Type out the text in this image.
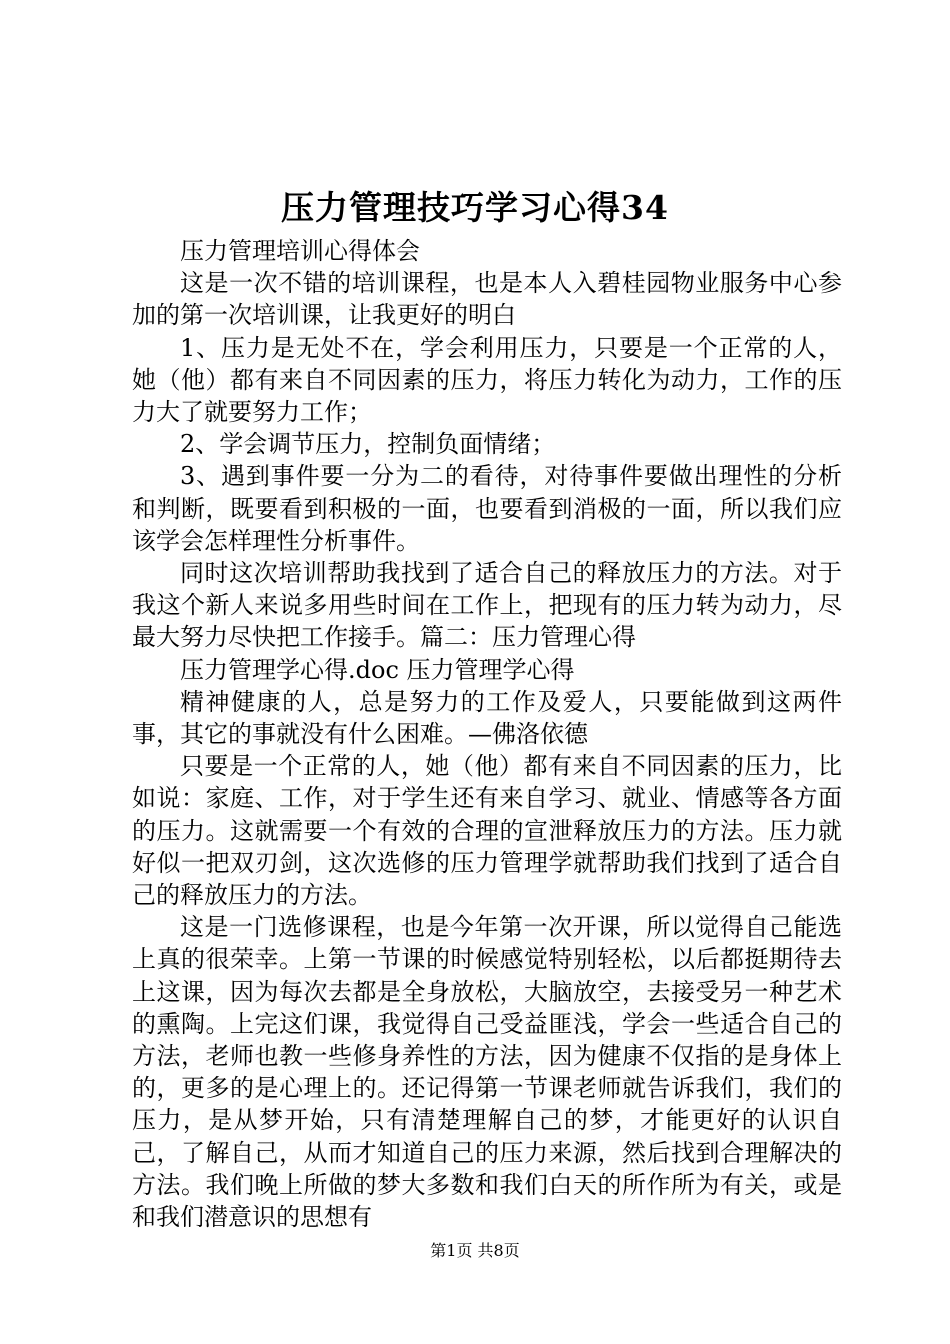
压力管理技巧学习心得34

压力管理培训心得体会

这是一次不错的培训课程，也是本人入碧桂园物业服务中心参加的第一次培训课，让我更好的明白

1、压力是无处不在，学会利用压力，只要是一个正常的人，她（他）都有来自不同因素的压力，将压力转化为动力，工作的压力大了就要努力工作；

2、学会调节压力，控制负面情绪；

3、遇到事件要一分为二的看待，对待事件要做出理性的分析和判断，既要看到积极的一面，也要看到消极的一面，所以我们应该学会怎样理性分析事件。

同时这次培训帮助我找到了适合自己的释放压力的方法。对于我这个新人来说多用些时间在工作上，把现有的压力转为动力，尽最大努力尽快把工作接手。篇二：压力管理心得

压力管理学心得.doc 压力管理学心得

精神健康的人，总是努力的工作及爱人，只要能做到这两件事，其它的事就没有什么困难。—佛洛依德

只要是一个正常的人，她（他）都有来自不同因素的压力，比如说：家庭、工作，对于学生还有来自学习、就业、情感等各方面的压力。这就需要一个有效的合理的宣泄释放压力的方法。压力就好似一把双刃剑，这次选修的压力管理学就帮助我们找到了适合自己的释放压力的方法。

这是一门选修课程，也是今年第一次开课，所以觉得自己能选上真的很荣幸。上第一节课的时候感觉特别轻松，以后都挺期待去上这课，因为每次去都是全身放松，大脑放空，去接受另一种艺术的熏陶。上完这们课，我觉得自己受益匪浅，学会一些适合自己的方法，老师也教一些修身养性的方法，因为健康不仅指的是身体上的，更多的是心理上的。还记得第一节课老师就告诉我们，我们的压力，是从梦开始，只有清楚理解自己的梦，才能更好的认识自己，了解自己，从而才知道自己的压力来源，然后找到合理解决的方法。我们晚上所做的梦大多数和我们白天的所作所为有关，或是和我们潜意识的思想有

第1页 共8页
